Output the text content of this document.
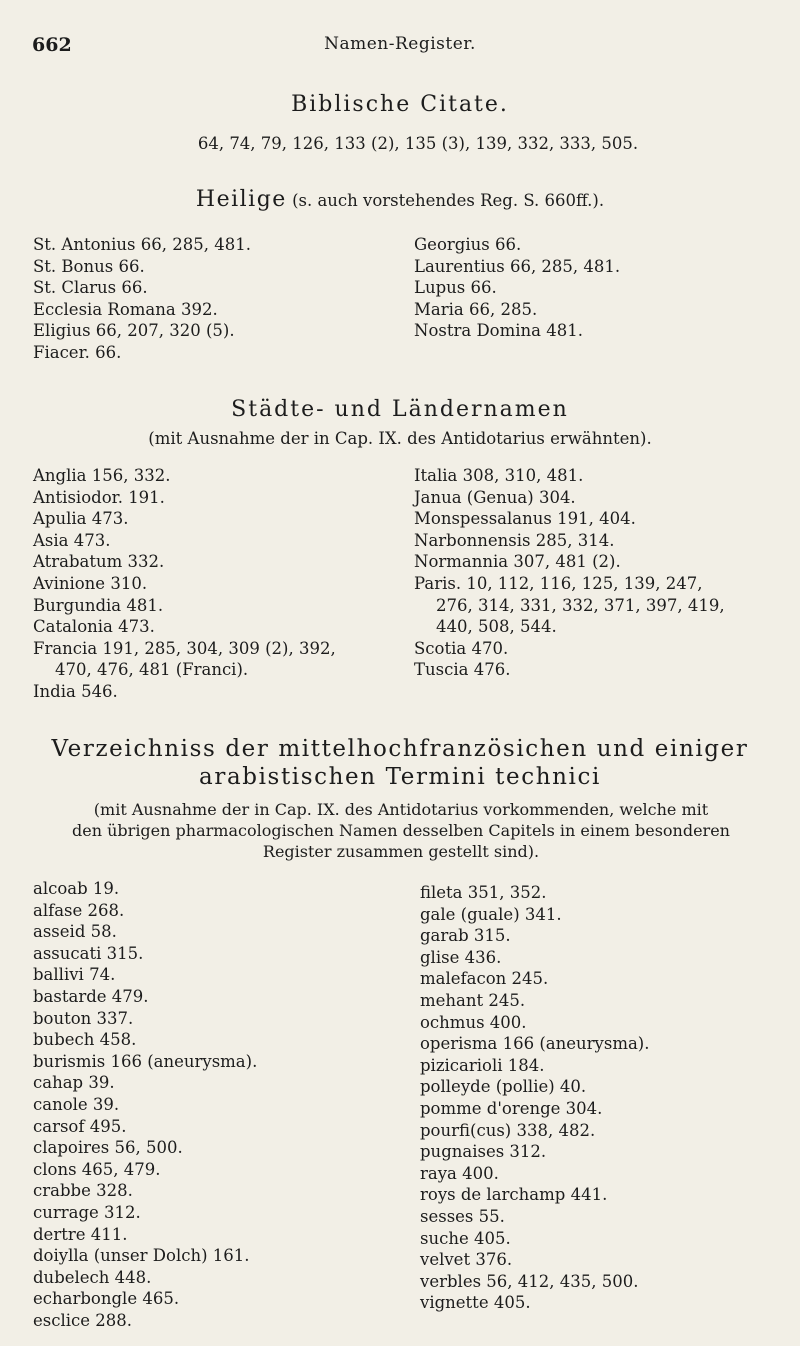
662	Namen-Register.
Biblische Citate.
64, 74, 79, 126, 133 (2), 135 (3), 139, 332, 333, 505.
Heilige (s. auch vorstehendes Reg. S. 660ff.).
St. Antonius 66, 285, 481.
St. Bonus 66.
St. Clarus 66.
Ecclesia Romana 392.
Eligius 66, 207, 320 (5).
Fiacer. 66.
Georgius 66.
Laurentius 66, 285, 481.
Lupus 66.
Maria 66, 285.
Nostra Domina 481.
Städte- und Ländernamen
(mit Ausnahme der in Cap. IX. des Antidotarius erwähnten).
Anglia 156, 332.
Antisiodor. 191.
Apulia 473.
Asia 473.
Atrabatum 332.
Avinione 310.
Burgundia 481.
Catalonia 473.
Francia 191, 285, 304, 309 (2), 392,
470, 476, 481 (Franci).
India 546.
Italia 308, 310, 481.
Janua (Genua) 304.
Monspessalanus 191, 404.
Narbonnensis 285, 314.
Normannia 307, 481 (2).
Paris. 10, 112, 116, 125, 139, 247,
276, 314, 331, 332, 371, 397, 419,
440, 508, 544.
Scotia 470.
Tuscia 476.
Verzeichniss der mittelhochfranzösichen und einiger
arabistischen Termini technici
(mit Ausnahme der in Cap. IX. des Antidotarius vorkommenden, welche mit
den übrigen pharmacologischen Namen desselben Capitels in einem besonderen
Register zusammen gestellt sind).
alcoab 19.
alfase 268.
asseid 58.
assucati 315.
ballivi 74.
bastarde 479.
bouton 337.
bubech 458.
burismis 166 (aneurysma).
cahap 39.
canole 39.
carsof 495.
clapoires 56, 500.
clons 465, 479.
crabbe 328.
currage 312.
dertre 411.
doiylla (unser Dolch) 161.
dubelech 448.
echarbongle 465.
esclice 288.
fileta 351, 352.
gale (guale) 341.
garab 315.
glise 436.
malefacon 245.
mehant 245.
ochmus 400.
operisma 166 (aneurysma).
pizicarioli 184.
polleyde (pollie) 40.
pomme d'orenge 304.
pourfi(cus) 338, 482.
pugnaises 312.
raya 400.
roys de larchamp 441.
sesses 55.
suche 405.
velvet 376.
verbles 56, 412, 435, 500.
vignette 405.
